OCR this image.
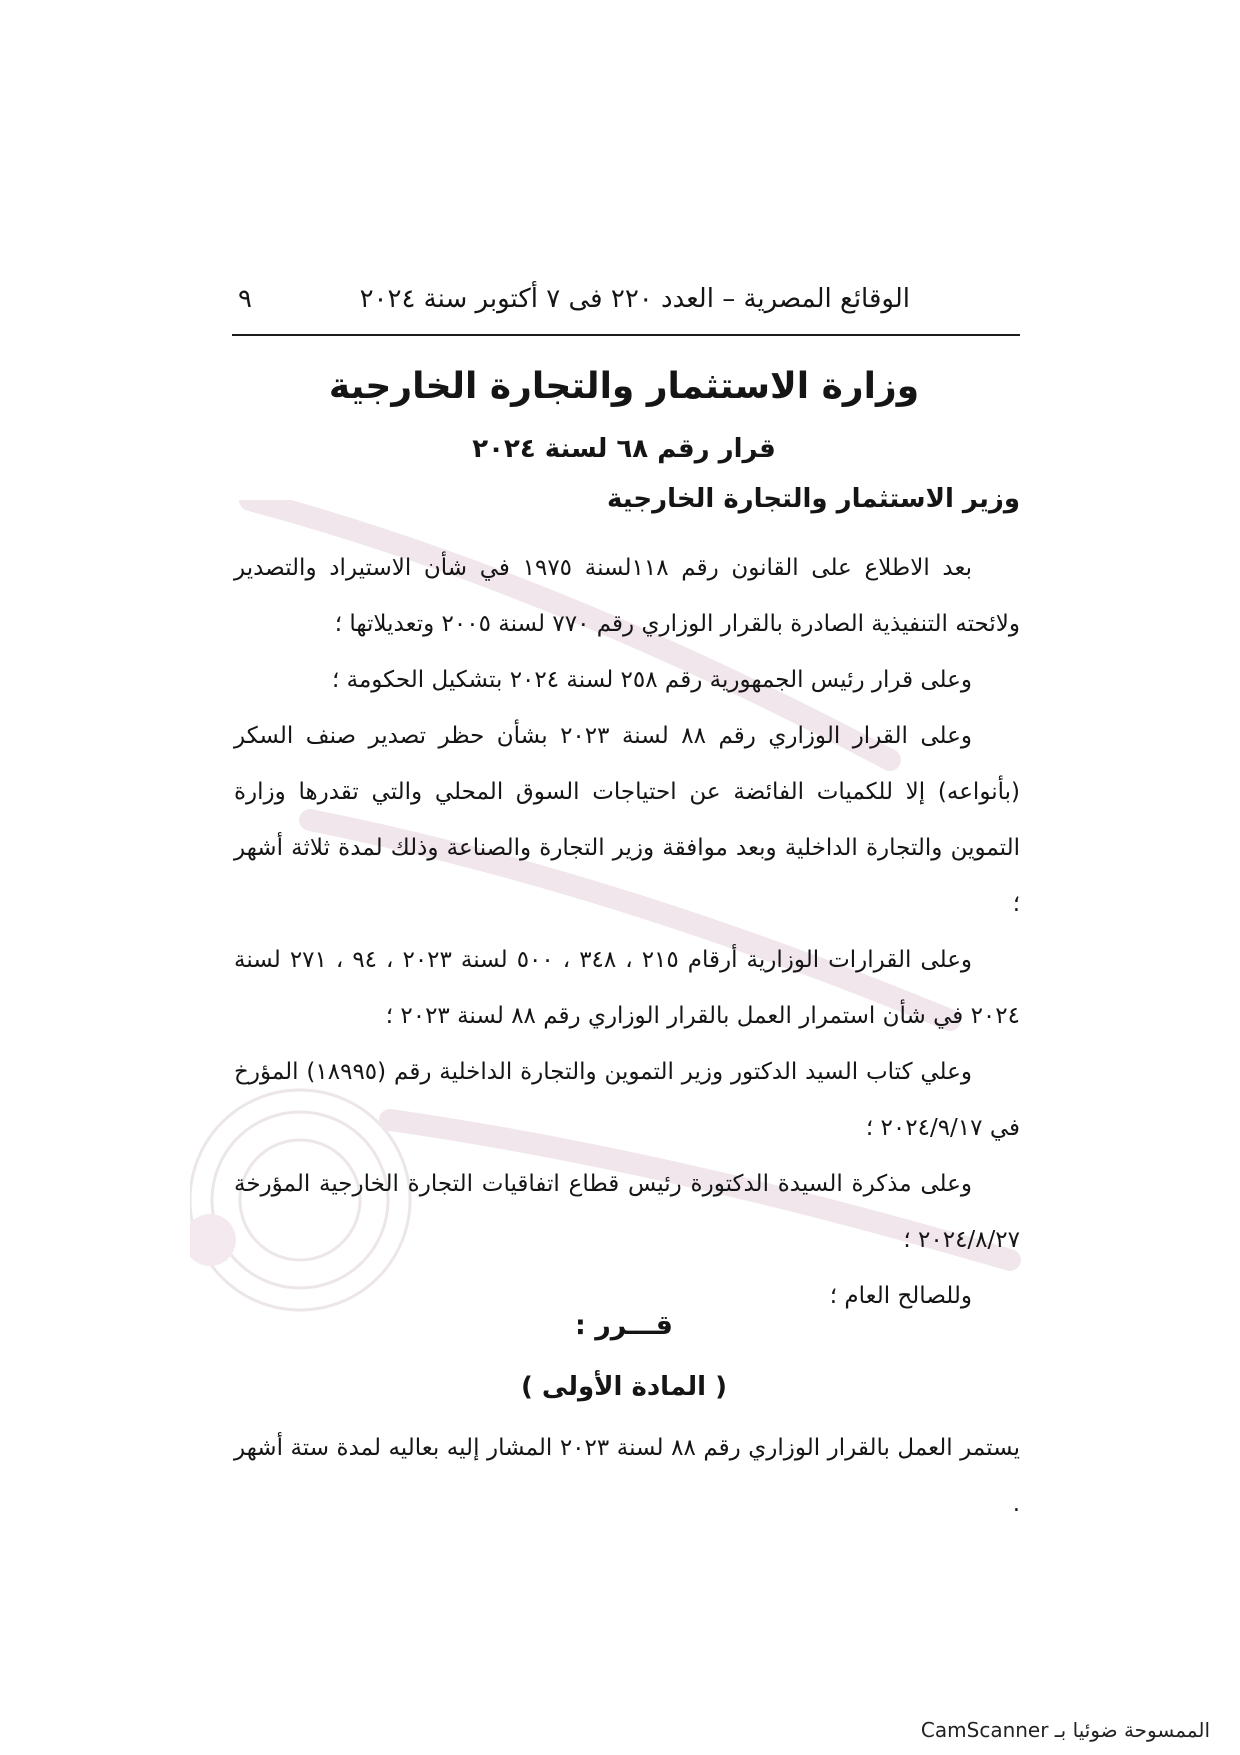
الوقائع المصرية – العدد ٢٢٠ فى ٧ أكتوبر سنة ٢٠٢٤
٩
وزارة الاستثمار والتجارة الخارجية
قرار رقم ٦٨ لسنة ٢٠٢٤
وزير الاستثمار والتجارة الخارجية

بعد الاطلاع على القانون رقم ١١٨لسنة ١٩٧٥ في شأن الاستيراد والتصدير ولائحته التنفيذية الصادرة بالقرار الوزاري رقم ٧٧٠ لسنة ٢٠٠٥ وتعديلاتها ؛

وعلى قرار رئيس الجمهورية رقم ٢٥٨ لسنة ٢٠٢٤ بتشكيل الحكومة ؛

وعلى القرار الوزاري رقم ٨٨ لسنة ٢٠٢٣ بشأن حظر تصدير صنف السكر (بأنواعه) إلا للكميات الفائضة عن احتياجات السوق المحلي والتي تقدرها وزارة التموين والتجارة الداخلية وبعد موافقة وزير التجارة والصناعة وذلك لمدة ثلاثة أشهر ؛

وعلى القرارات الوزارية أرقام ٢١٥ ، ٣٤٨ ، ٥٠٠ لسنة ٢٠٢٣ ، ٩٤ ، ٢٧١ لسنة ٢٠٢٤ في شأن استمرار العمل بالقرار الوزاري رقم ٨٨ لسنة ٢٠٢٣ ؛

وعلي كتاب السيد الدكتور وزير التموين والتجارة الداخلية رقم (١٨٩٩٥) المؤرخ في ٢٠٢٤/٩/١٧ ؛

وعلى مذكرة السيدة الدكتورة رئيس قطاع اتفاقيات التجارة الخارجية المؤرخة ٢٠٢٤/٨/٢٧ ؛

وللصالح العام ؛

قـــرر :
( المادة الأولى )

يستمر العمل بالقرار الوزاري رقم ٨٨ لسنة ٢٠٢٣ المشار إليه بعاليه لمدة ستة أشهر .

الممسوحة ضوئيا بـ CamScanner
